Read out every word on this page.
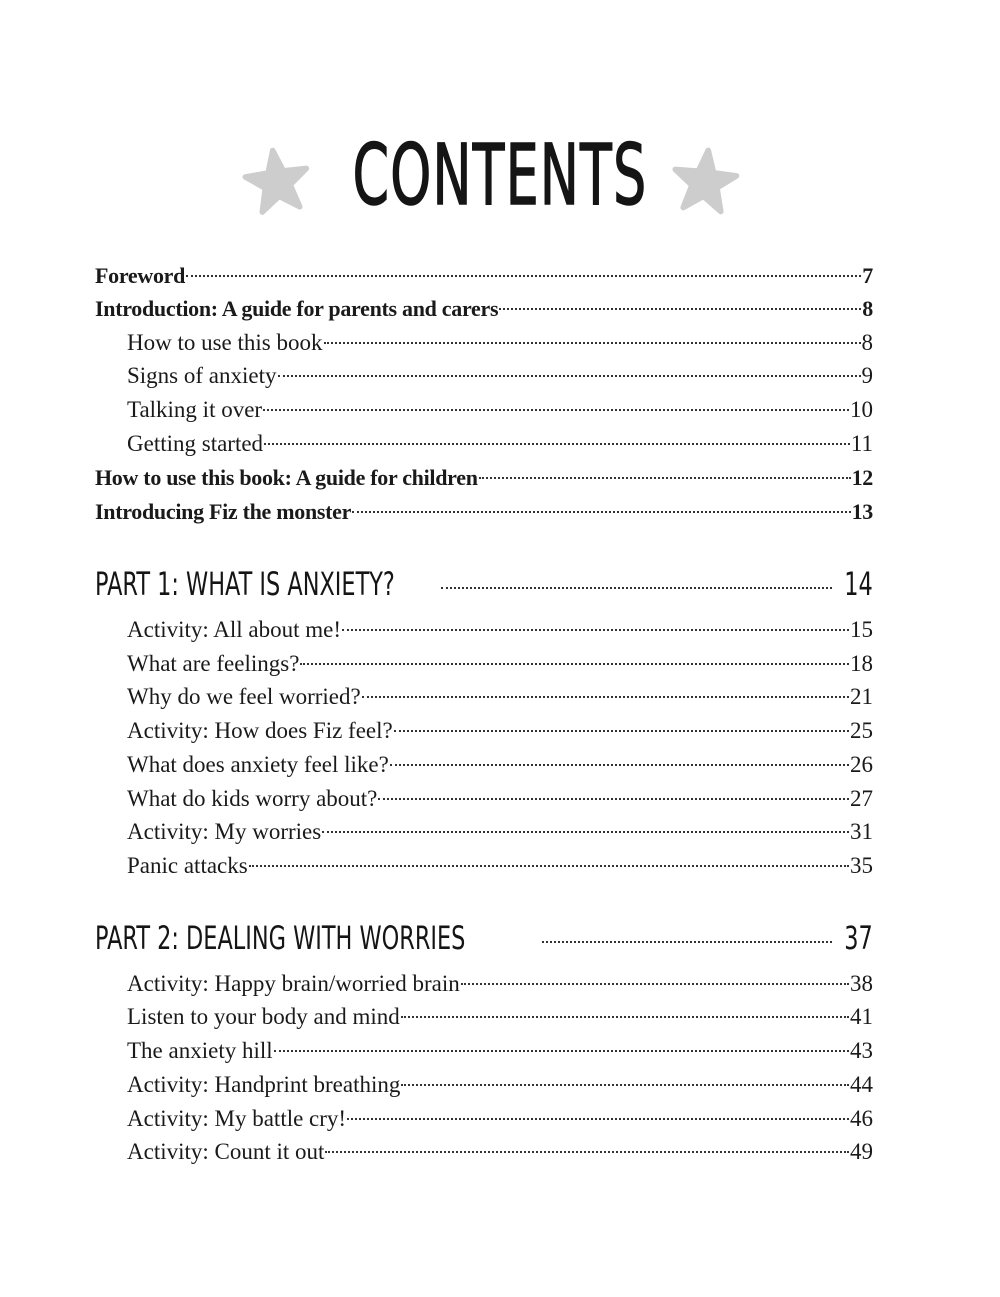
CONTENTS
Foreword	7
Introduction: A guide for parents and carers	8
How to use this book	8
Signs of anxiety	9
Talking it over	10
Getting started	11
How to use this book: A guide for children	12
Introducing Fiz the monster	13
PART 1: WHAT IS ANXIETY?	14
Activity: All about me!	15
What are feelings?	18
Why do we feel worried?	21
Activity: How does Fiz feel?	25
What does anxiety feel like?	26
What do kids worry about?	27
Activity: My worries	31
Panic attacks	35
PART 2: DEALING WITH WORRIES	37
Activity: Happy brain/worried brain	38
Listen to your body and mind	41
The anxiety hill	43
Activity: Handprint breathing	44
Activity: My battle cry!	46
Activity: Count it out	49
